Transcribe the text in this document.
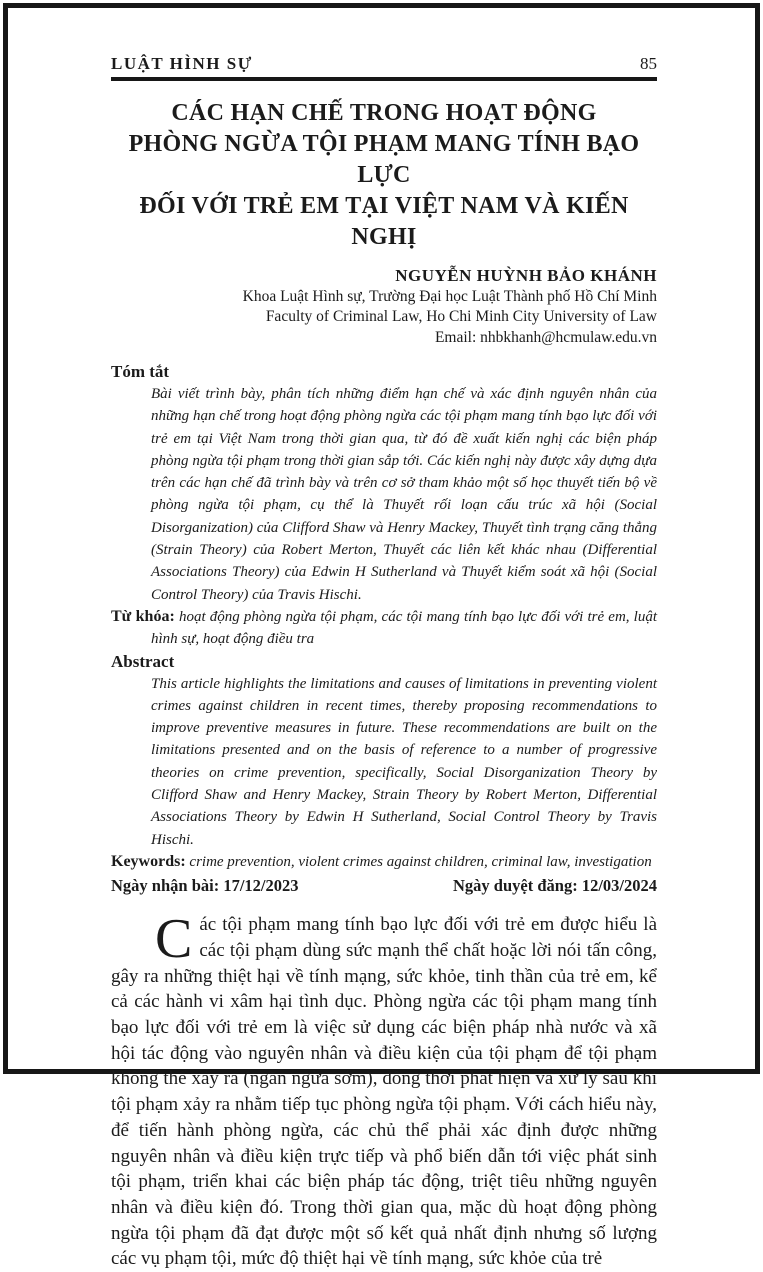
LUẬT HÌNH SỰ	85
CÁC HẠN CHẾ TRONG HOẠT ĐỘNG
PHÒNG NGỪA TỘI PHẠM MANG TÍNH BẠO LỰC
ĐỐI VỚI TRẺ EM TẠI VIỆT NAM VÀ KIẾN NGHỊ
NGUYỄN HUỲNH BẢO KHÁNH
Khoa Luật Hình sự, Trường Đại học Luật Thành phố Hồ Chí Minh
Faculty of Criminal Law, Ho Chi Minh City University of Law
Email: nhbkhanh@hcmulaw.edu.vn
Tóm tắt

Bài viết trình bày, phân tích những điểm hạn chế và xác định nguyên nhân của những hạn chế trong hoạt động phòng ngừa các tội phạm mang tính bạo lực đối với trẻ em tại Việt Nam trong thời gian qua, từ đó đề xuất kiến nghị các biện pháp phòng ngừa tội phạm trong thời gian sắp tới. Các kiến nghị này được xây dựng dựa trên các hạn chế đã trình bày và trên cơ sở tham khảo một số học thuyết tiến bộ về phòng ngừa tội phạm, cụ thể là Thuyết rối loạn cấu trúc xã hội (Social Disorganization) của Clifford Shaw và Henry Mackey, Thuyết tình trạng căng thẳng (Strain Theory) của Robert Merton, Thuyết các liên kết khác nhau (Differential Associations Theory) của Edwin H Sutherland và Thuyết kiểm soát xã hội (Social Control Theory) của Travis Hischi.

Từ khóa: hoạt động phòng ngừa tội phạm, các tội mang tính bạo lực đối với trẻ em, luật hình sự, hoạt động điều tra
Abstract

This article highlights the limitations and causes of limitations in preventing violent crimes against children in recent times, thereby proposing recommendations to improve preventive measures in future. These recommendations are built on the limitations presented and on the basis of reference to a number of progressive theories on crime prevention, specifically, Social Disorganization Theory by Clifford Shaw and Henry Mackey, Strain Theory by Robert Merton, Differential Associations Theory by Edwin H Sutherland, Social Control Theory by Travis Hischi.

Keywords: crime prevention, violent crimes against children, criminal law, investigation
Ngày nhận bài: 17/12/2023	Ngày duyệt đăng: 12/03/2024

Các tội phạm mang tính bạo lực đối với trẻ em được hiểu là các tội phạm dùng sức mạnh thể chất hoặc lời nói tấn công, gây ra những thiệt hại về tính mạng, sức khỏe, tinh thần của trẻ em, kể cả các hành vi xâm hại tình dục. Phòng ngừa các tội phạm mang tính bạo lực đối với trẻ em là việc sử dụng các biện pháp nhà nước và xã hội tác động vào nguyên nhân và điều kiện của tội phạm để tội phạm không thể xảy ra (ngăn ngừa sớm), đồng thời phát hiện và xử lý sau khi tội phạm xảy ra nhằm tiếp tục phòng ngừa tội phạm. Với cách hiểu này, để tiến hành phòng ngừa, các chủ thể phải xác định được những nguyên nhân và điều kiện trực tiếp và phổ biến dẫn tới việc phát sinh tội phạm, triển khai các biện pháp tác động, triệt tiêu những nguyên nhân và điều kiện đó. Trong thời gian qua, mặc dù hoạt động phòng ngừa tội phạm đã đạt được một số kết quả nhất định nhưng số lượng các vụ phạm tội, mức độ thiệt hại về tính mạng, sức khỏe của trẻ
